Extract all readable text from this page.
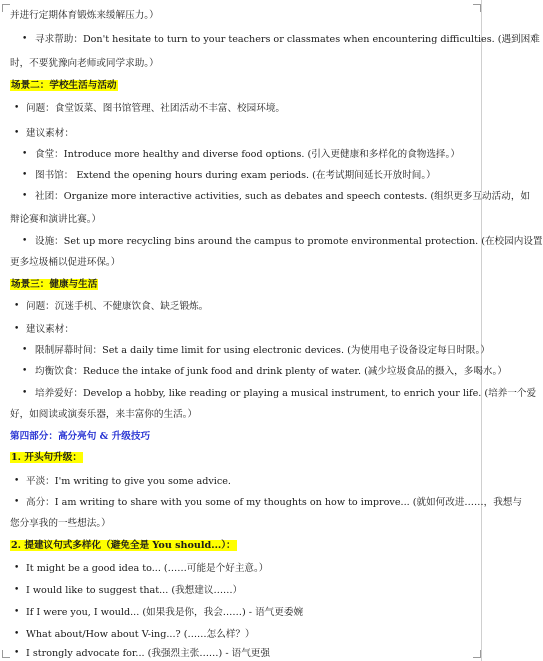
并进行定期体育锻炼来缓解压力。）
• 寻求帮助：Don't hesitate to turn to your teachers or classmates when encountering difficulties. (遇到困难
时，不要犹豫向老师或同学求助。）
场景二：学校生活与活动
• 问题：食堂饭菜、图书馆管理、社团活动不丰富、校园环境。
• 建议素材：
• 食堂：Introduce more healthy and diverse food options. (引入更健康和多样化的食物选择。）
• 图书馆： Extend the opening hours during exam periods. (在考试期间延长开放时间。）
• 社团：Organize more interactive activities, such as debates and speech contests. (组织更多互动活动，如
辩论赛和演讲比赛。）
• 设施：Set up more recycling bins around the campus to promote environmental protection. (在校园内设置
更多垃圾桶以促进环保。）
场景三：健康与生活
• 问题：沉迷手机、不健康饮食、缺乏锻炼。
• 建议素材：
• 限制屏幕时间：Set a daily time limit for using electronic devices. (为使用电子设备设定每日时限。）
• 均衡饮食：Reduce the intake of junk food and drink plenty of water. (减少垃圾食品的摄入，多喝水。）
• 培养爱好：Develop a hobby, like reading or playing a musical instrument, to enrich your life. (培养一个爱
好，如阅读或演奏乐器，来丰富你的生活。）
第四部分：高分亮句 & 升级技巧
1. 开头句升级：
• 平淡：I'm writing to give you some advice.
• 高分：I am writing to share with you some of my thoughts on how to improve... (就如何改进……，我想与
您分享我的一些想法。）
2. 提建议句式多样化（避免全是 You should...）：
• It might be a good idea to... (……可能是个好主意。）
• I would like to suggest that... (我想建议……）
• If I were you, I would... (如果我是你，我会……) - 语气更委婉
• What about/How about V-ing...? (……怎么样？）
• I strongly advocate for... (我强烈主张……) - 语气更强
